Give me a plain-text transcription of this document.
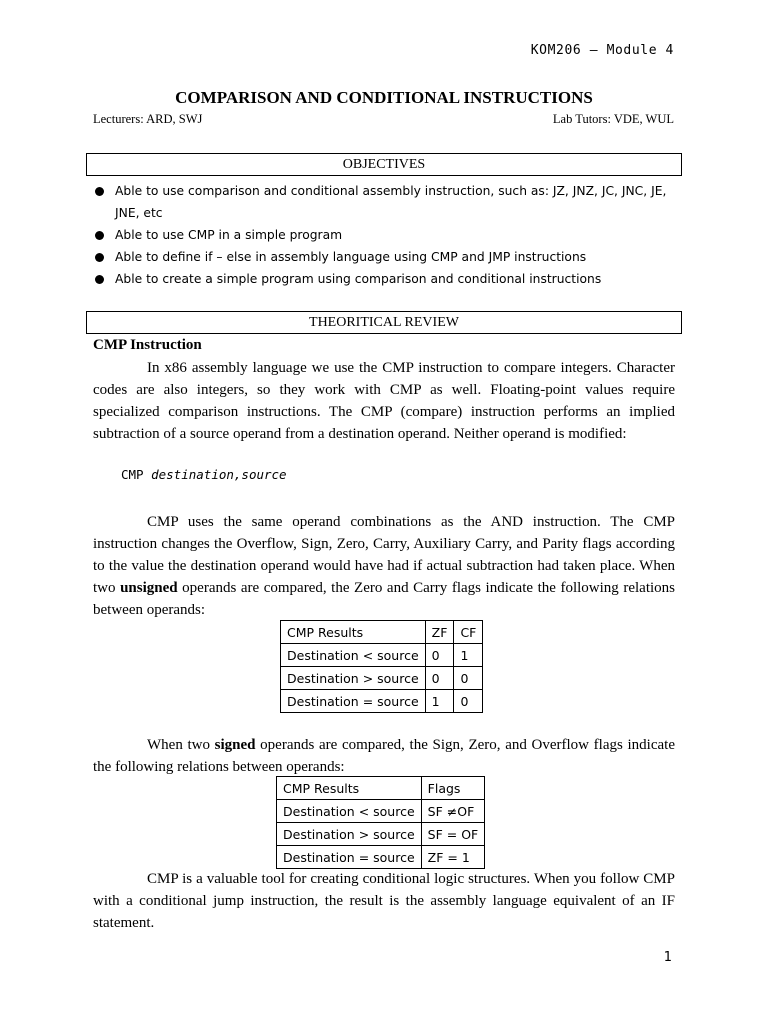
KOM206 – Module 4
COMPARISON AND CONDITIONAL INSTRUCTIONS
Lecturers: ARD, SWJ	Lab Tutors: VDE, WUL
OBJECTIVES
Able to use comparison and conditional assembly instruction, such as: JZ, JNZ, JC, JNC, JE, JNE, etc
Able to use CMP in a simple program
Able to define if – else in assembly language using CMP and JMP instructions
Able to create a simple program using comparison and conditional instructions
THEORITICAL REVIEW
CMP Instruction
In x86 assembly language we use the CMP instruction to compare integers. Character codes are also integers, so they work with CMP as well. Floating-point values require specialized comparison instructions. The CMP (compare) instruction performs an implied subtraction of a source operand from a destination operand. Neither operand is modified:
CMP destination,source
CMP uses the same operand combinations as the AND instruction. The CMP instruction changes the Overflow, Sign, Zero, Carry, Auxiliary Carry, and Parity flags according to the value the destination operand would have had if actual subtraction had taken place. When two unsigned operands are compared, the Zero and Carry flags indicate the following relations between operands:
CMP Results	ZF	CF
Destination < source	0	1
Destination > source	0	0
Destination = source	1	0
When two signed operands are compared, the Sign, Zero, and Overflow flags indicate the following relations between operands:
CMP Results	Flags
Destination < source	SF ≠OF
Destination > source	SF = OF
Destination = source	ZF = 1
CMP is a valuable tool for creating conditional logic structures. When you follow CMP with a conditional jump instruction, the result is the assembly language equivalent of an IF statement.
1
